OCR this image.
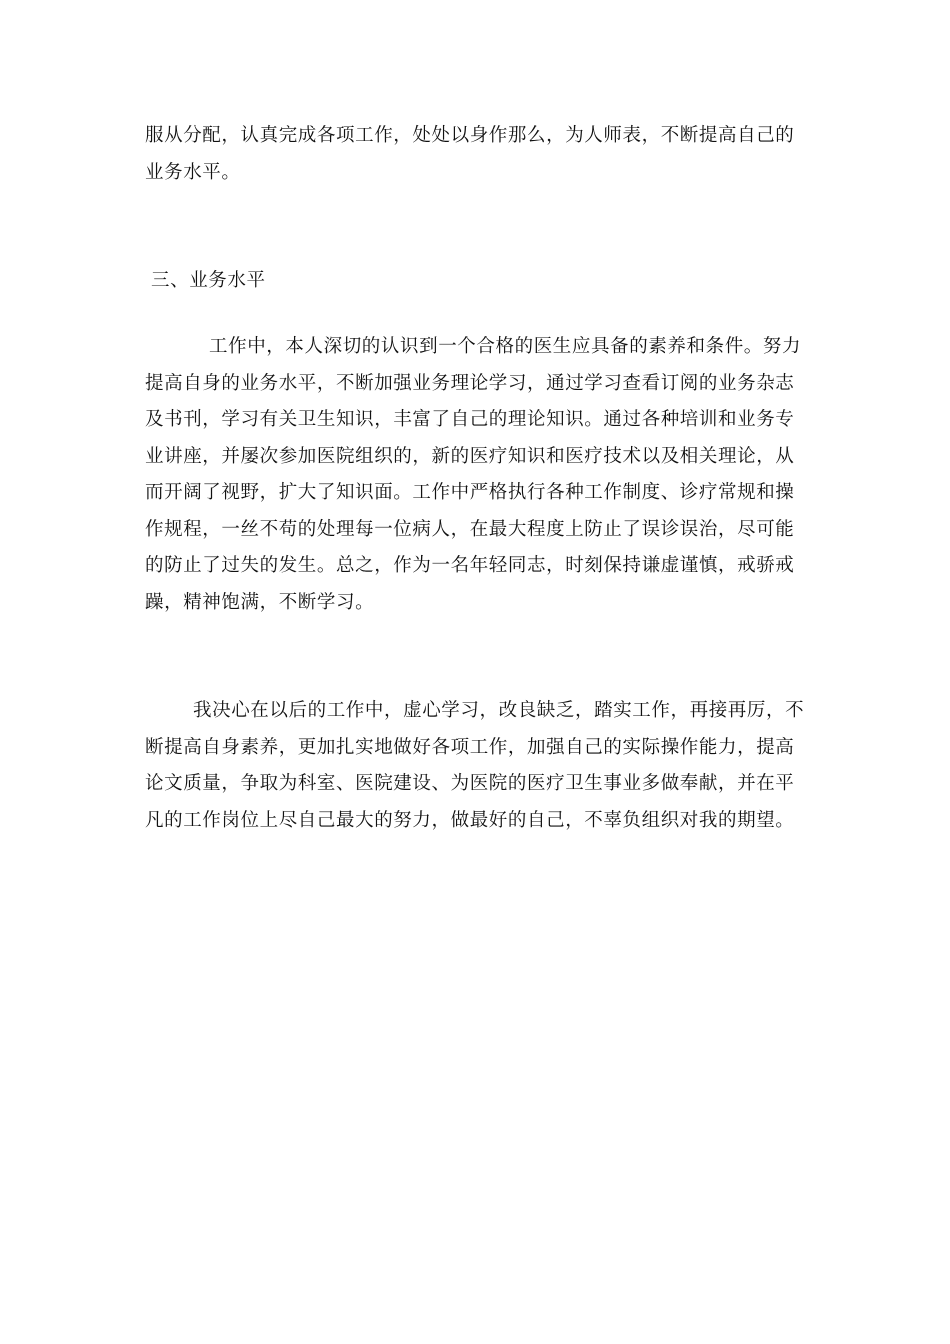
服从分配，认真完成各项工作，处处以身作那么，为人师表，不断提高自己的
业务水平。
三、业务水平
工作中，本人深切的认识到一个合格的医生应具备的素养和条件。努力
提高自身的业务水平，不断加强业务理论学习，通过学习查看订阅的业务杂志
及书刊，学习有关卫生知识，丰富了自己的理论知识。通过各种培训和业务专
业讲座，并屡次参加医院组织的，新的医疗知识和医疗技术以及相关理论，从
而开阔了视野，扩大了知识面。工作中严格执行各种工作制度、诊疗常规和操
作规程，一丝不苟的处理每一位病人，在最大程度上防止了误诊误治，尽可能
的防止了过失的发生。总之，作为一名年轻同志，时刻保持谦虚谨慎，戒骄戒
躁，精神饱满，不断学习。
我决心在以后的工作中，虚心学习，改良缺乏，踏实工作，再接再厉，不
断提高自身素养，更加扎实地做好各项工作，加强自己的实际操作能力，提高
论文质量，争取为科室、医院建设、为医院的医疗卫生事业多做奉献，并在平
凡的工作岗位上尽自己最大的努力，做最好的自己，不辜负组织对我的期望。
